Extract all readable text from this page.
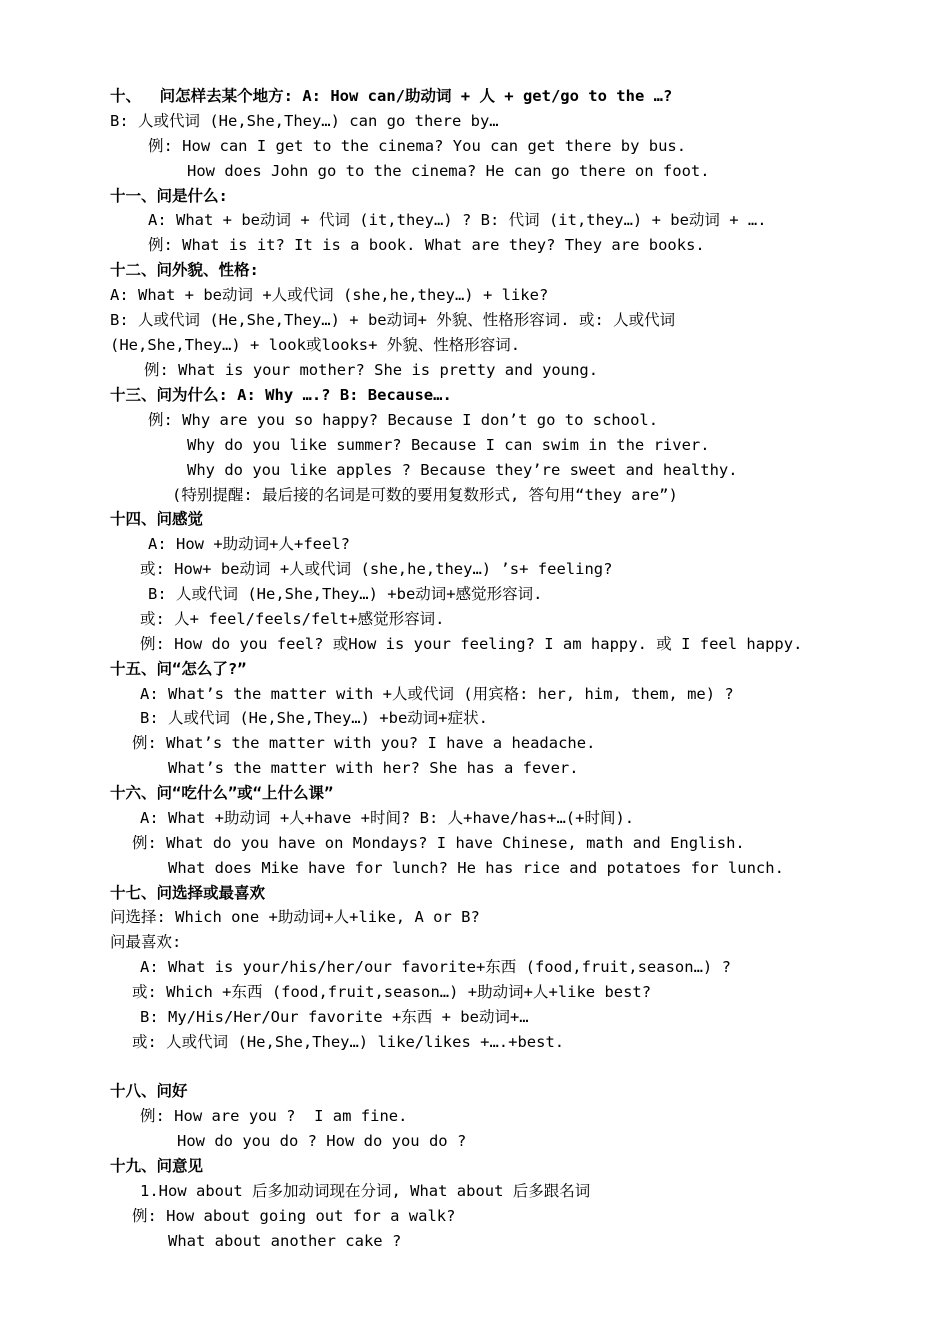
十、  问怎样去某个地方: A: How can/助动词 + 人 + get/go to the …?
B: 人或代词 (He,She,They…) can go there by…
例: How can I get to the cinema? You can get there by bus.
How does John go to the cinema? He can go there on foot.
十一、问是什么:
A: What + be动词 + 代词 (it,they…) ? B: 代词 (it,they…) + be动词 + ….
例: What is it? It is a book. What are they? They are books.
十二、问外貌、性格:
A: What + be动词 +人或代词 (she,he,they…) + like?
B: 人或代词 (He,She,They…) + be动词+ 外貌、性格形容词. 或: 人或代词
(He,She,They…) + look或looks+ 外貌、性格形容词.
例: What is your mother? She is pretty and young.
十三、问为什么: A: Why ….? B: Because….
例: Why are you so happy? Because I don’t go to school.
Why do you like summer? Because I can swim in the river.
Why do you like apples ? Because they’re sweet and healthy.
(特别提醒: 最后接的名词是可数的要用复数形式, 答句用“they are”)
十四、问感觉
A: How +助动词+人+feel?
或: How+ be动词 +人或代词 (she,he,they…) ’s+ feeling?
B: 人或代词 (He,She,They…) +be动词+感觉形容词.
或: 人+ feel/feels/felt+感觉形容词.
例: How do you feel? 或How is your feeling? I am happy. 或 I feel happy.
十五、问“怎么了?”
A: What’s the matter with +人或代词 (用宾格: her, him, them, me) ?
B: 人或代词 (He,She,They…) +be动词+症状.
例: What’s the matter with you? I have a headache.
What’s the matter with her? She has a fever.
十六、问“吃什么”或“上什么课”
A: What +助动词 +人+have +时间? B: 人+have/has+…(+时间).
例: What do you have on Mondays? I have Chinese, math and English.
What does Mike have for lunch? He has rice and potatoes for lunch.
十七、问选择或最喜欢
问选择: Which one +助动词+人+like, A or B?
问最喜欢:
A: What is your/his/her/our favorite+东西 (food,fruit,season…) ?
或: Which +东西 (food,fruit,season…) +助动词+人+like best?
B: My/His/Her/Our favorite +东西 + be动词+…
或: 人或代词 (He,She,They…) like/likes +….+best.
十八、问好
例: How are you ?  I am fine.
How do you do ? How do you do ?
十九、问意见
1.How about 后多加动词现在分词, What about 后多跟名词
例: How about going out for a walk?
What about another cake ?
